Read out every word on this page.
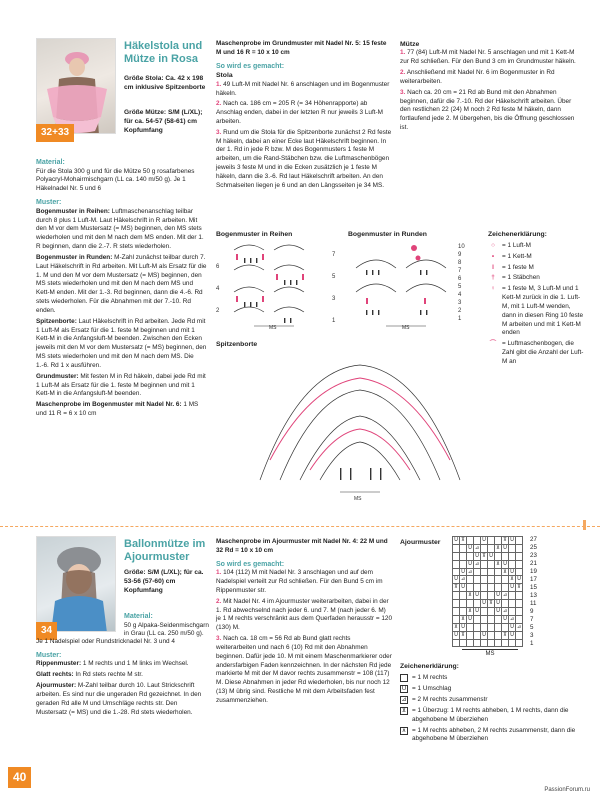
32+33
Häkelstola und
Mütze in Rosa
Größe Stola: Ca. 42 x 198 cm inklusive Spitzenborte
Größe Mütze: S/M (L/XL); für ca. 54-57 (58-61) cm Kopfumfang
Material:

Für die Stola 300 g und für die Mütze 50 g rosafarbenes Polyacryl-Mohairmischgarn (LL ca. 140 m/50 g). Je 1 Häkelnadel Nr. 5 und 6

Muster:

Bogenmuster in Reihen: Luftmaschenanschlag teilbar durch 8 plus 1 Luft-M. Laut Häkelschrift in R arbeiten. Mit den M vor dem Mustersatz (= MS) beginnen, den MS stets wiederholen und mit den M nach dem MS enden. Mit der 1. R beginnen, dann die 2.-7. R stets wiederholen.

Bogenmuster in Runden: M-Zahl zunächst teilbar durch 7. Laut Häkelschrift in Rd arbeiten. Mit Luft-M als Ersatz für die 1. M und den M vor dem Mustersatz (= MS) beginnen, den MS stets wiederholen und mit den M nach dem MS und Kett-M enden. Mit der 1.-3. Rd beginnen, dann die 4.-6. Rd stets wiederholen. Für die Abnahmen mit der 7.-10. Rd enden.

Spitzenborte: Laut Häkelschrift in Rd arbeiten. Jede Rd mit 1 Luft-M als Ersatz für die 1. feste M beginnen und mit 1 Kett-M in die Anfangsluft-M beenden. Zwischen den Ecken jeweils mit den M vor dem Mustersatz (= MS) beginnen, den MS stets wiederholen und mit den M nach dem MS. Die 1.-6. Rd 1 x ausführen.

Grundmuster: Mit festen M in Rd häkeln, dabei jede Rd mit 1 Luft-M als Ersatz für die 1. feste M beginnen und mit 1 Kett-M in die Anfangsluft-M beenden.

Maschenprobe im Bogenmuster mit Nadel Nr. 6: 1 MS und 11 R = 6 x 10 cm

Maschenprobe im Grundmuster mit Nadel Nr. 5: 15 feste M und 16 R = 10 x 10 cm

So wird es gemacht:
Stola

1. 49 Luft-M mit Nadel Nr. 6 anschlagen und im Bogenmuster häkeln.

2. Nach ca. 186 cm = 205 R (= 34 Höhenrapporte) ab Anschlag enden, dabei in der letzten R nur jeweils 3 Luft-M arbeiten.

3. Rund um die Stola für die Spitzenborte zunächst 2 Rd feste M häkeln, dabei an einer Ecke laut Häkelschrift beginnen. In der 1. Rd in jede R bzw. M des Bogenmusters 1 feste M arbeiten, um die Rand-Stäbchen bzw. die Luftmaschenbögen jeweils 3 feste M und in die Ecken zusätzlich je 1 feste M häkeln, dann die 3.-6. Rd laut Häkelschrift arbeiten. An den Schmalseiten liegen je 6 und an den Längsseiten je 34 MS.

Mütze

1. 77 (84) Luft-M mit Nadel Nr. 5 anschlagen und mit 1 Kett-M zur Rd schließen. Für den Bund 3 cm im Grundmuster häkeln.

2. Anschließend mit Nadel Nr. 6 im Bogenmuster in Rd weiterarbeiten.

3. Nach ca. 20 cm = 21 Rd ab Bund mit den Abnahmen beginnen, dafür die 7.-10. Rd der Häkelschrift arbeiten. Über den restlichen 22 (24) M noch 2 Rd feste M häkeln, dann fortlaufend jede 2. M übergehen, bis die Öffnung geschlossen ist.

Bogenmuster in Reihen	Bogenmuster in Runden	Zeichenerklärung:
MS
7
6
5
4
3
2
1
MS
10
9
8
7
6
5
4
3
2
1
○	= 1 Luft-M
•	= 1 Kett-M
I	= 1 feste M
†	= 1 Stäbchen
♀	= 1 feste M, 3 Luft-M und 1 Kett-M zurück in die 1. Luft-M, mit 1 Luft-M wenden, dann in diesen Ring 10 feste M arbeiten und mit 1 Kett-M enden
⌒ = Luftmaschenbogen, die Zahl gibt die Anzahl der Luft-M an
Spitzenborte
MS
34
Ballonmütze im
Ajourmuster
Größe: S/M (L/XL); für ca. 53-56 (57-60) cm Kopfumfang
Material:

50 g Alpaka-Seidenmischgarn in Grau (LL ca. 250 m/50 g).

Je 1 Nadelspiel oder Rundstricknadel Nr. 3 und 4

Muster:

Rippenmuster: 1 M rechts und 1 M links im Wechsel.

Glatt rechts: In Rd stets rechte M str.

Ajourmuster: M-Zahl teilbar durch 10. Laut Strickschrift arbeiten. Es sind nur die ungeraden Rd gezeichnet. In den geraden Rd alle M und Umschläge rechts str. Den Mustersatz (= MS) und die 1.-28. Rd stets wiederholen.

Maschenprobe im Ajourmuster mit Nadel Nr. 4: 22 M und 32 Rd = 10 x 10 cm

So wird es gemacht:

1. 104 (112) M mit Nadel Nr. 3 anschlagen und auf dem Nadelspiel verteilt zur Rd schließen. Für den Bund 5 cm im Rippenmuster str.

2. Mit Nadel Nr. 4 im Ajourmuster weiterarbeiten, dabei in der 1. Rd abwechselnd nach jeder 6. und 7. M (nach jeder 6. M) je 1 M rechts verschränkt aus dem Querfaden herausstr = 120 (130) M.

3. Nach ca. 18 cm = 56 Rd ab Bund glatt rechts weiterarbeiten und nach 6 (10) Rd mit den Abnahmen beginnen. Dafür jede 10. M mit einem Maschenmarkierer oder andersfarbigen Faden kennzeichnen. In der nächsten Rd jede markierte M mit der M davor rechts zusammenstr = 108 (117) M. Diese Abnahmen in jeder Rd wiederholen, bis nur noch 12 (13) M übrig sind. Restliche M mit dem Arbeitsfaden fest zusammenziehen.

Ajourmuster	U	⊼			U			⊼	U	
		U	⊿			⊻	U		
			U	⊼	U				
		U	⊿			⊻	U		
	U	⊿					⊻	U	
U	⊿							⊻	U
⊼	U							U	⊼
		⊻	U			U	⊿		
				U	⊼	U			
		⊻	U			U	⊿		
	⊻	U					U	⊿	
⊻	U							U	⊿
U	⊼			U			⊼	U	

MS
27
25
23
21
19
17
15
13
11
9
7
5
3
1
Zeichenerklärung:
= 1 M rechts
U = 1 Umschlag
⊿ = 2 M rechts zusammenstr
⊻ = 1 Überzug: 1 M rechts abheben, 1 M rechts, dann die abgehobene M überziehen
⊼ = 1 M rechts abheben, 2 M rechts zusammenstr, dann die abgehobene M überziehen
40
PassionForum.ru
